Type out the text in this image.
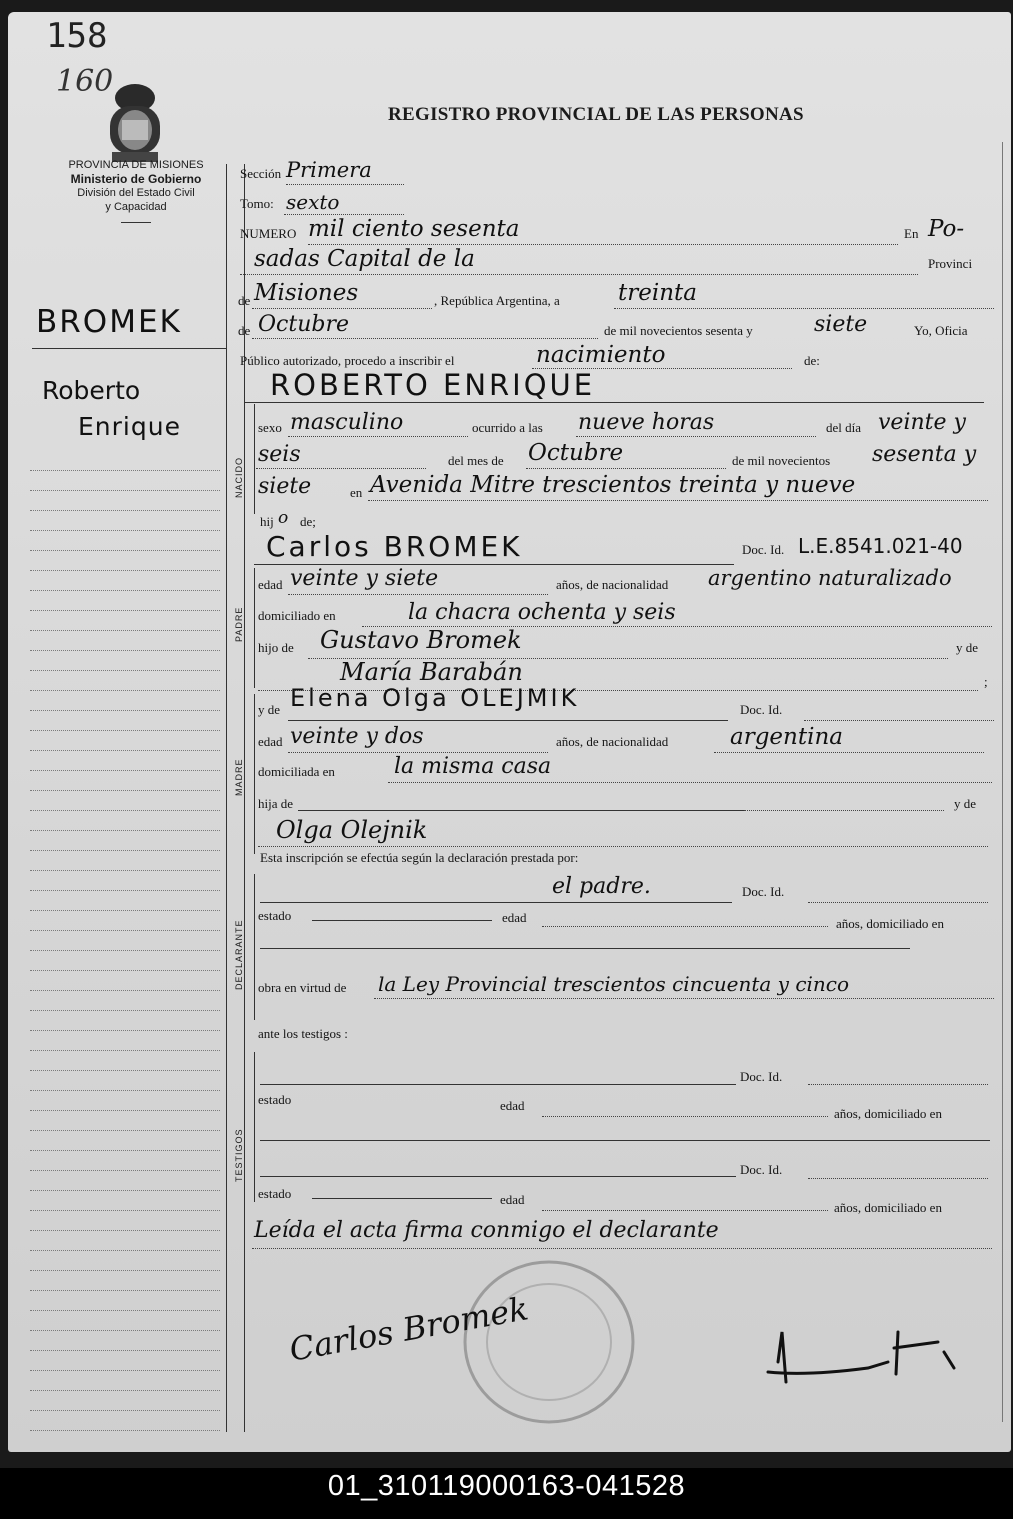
158
160
PROVINCIA DE MISIONES
Ministerio de Gobierno
División del Estado Civil
y Capacidad
REGISTRO PROVINCIAL DE LAS PERSONAS
BROMEK
Roberto
Enrique
Sección Primera
Tomo: sexto
NUMERO mil ciento sesenta	En Po-
sadas Capital de la	Provinci
de Misiones	, República Argentina, a	treinta
de Octubre	de mil novecientos sesenta y	siete	Yo, Oficia
Público autorizado, procedo a inscribir el	nacimiento	de:
ROBERTO ENRIQUE
NACIDO
sexo masculino	ocurrido a las nueve horas	del día veinte y
seis	del mes de Octubre	de mil novecientos sesenta y
siete	en Avenida Mitre trescientos treinta y nueve
hij o de;
Carlos BROMEK	Doc. Id. L.E.8541.021-40
PADRE
edad veinte y siete	años, de nacionalidad argentino naturalizado
domiciliado en	la chacra ochenta y seis
hijo de Gustavo Bromek	y de
María Barabán	;
MADRE
y de Elena Olga OLEJMIK	Doc. Id.
edad veinte y dos	años, de nacionalidad	argentina
domiciliada en	la misma casa
hija de	y de
Olga Olejnik
Esta inscripción se efectúa según la declaración prestada por:
DECLARANTE
el padre.	Doc. Id.
estado	edad	años, domiciliado en
obra en virtud de la Ley Provincial trescientos cincuenta y cinco
ante los testigos :
TESTIGOS
Doc. Id.
estado	edad
años, domiciliado en
Doc. Id.
estado	edad
años, domiciliado en
Leída el acta firma conmigo el declarante
Carlos Bromek
01_310119000163-041528
